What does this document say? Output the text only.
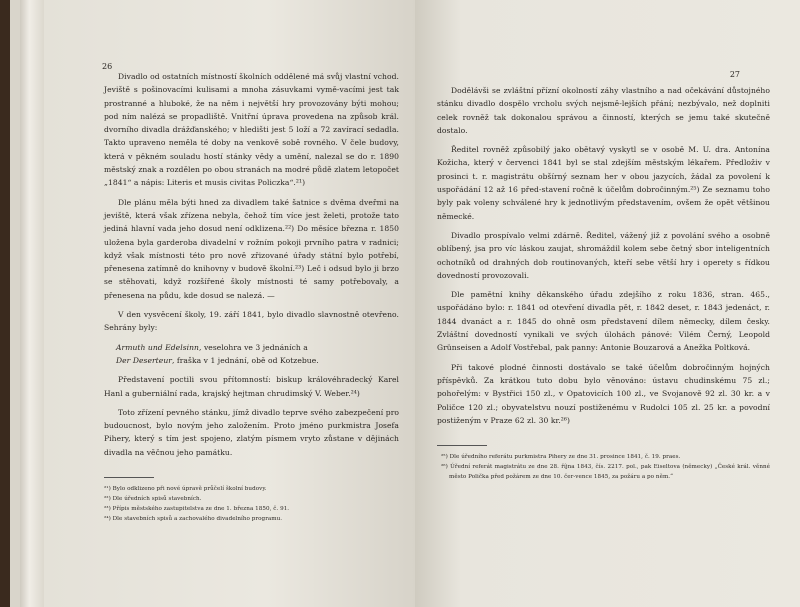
26

Divadlo od ostatních místností školních oddělené má svůj vlastní vchod. Jeviště s pošinovacími kulisami a mnoha zásuvkami vymě-vacími jest tak prostranné a hluboké, že na něm i největší hry provozovány býti mohou; pod ním nalézá se propadliště. Vnitřní úprava provedena na způsob král. dvorního divadla drážďanského; v hledišti jest 5 loží a 72 zavírací sedadla. Takto upraveno neměla té doby na venkově sobě rovného. V čele budovy, která v pěkném souladu hostí stánky vědy a umění, nalezal se do r. 1890 městský znak a rozdělen po obou stranách na modré půdě zlatem letopočet „1841“ a nápis: Literis et musis civitas Policzka“.²¹)

Dle plánu měla býti hned za divadlem také šatnice s dvěma dveřmi na jeviště, která však zřízena nebyla, čehož tím více jest želeti, protože tato jediná hlavní vada jeho dosud není odklizena.²²) Do měsíce března r. 1850 uložena byla garderoba divadelní v rožním pokoji prvního patra v radnici; když však místnosti této pro nově zřizované úřady státní bylo potřebí, přenesena zatímně do knihovny v budově školní.²³) Leč i odsud bylo ji brzo se stěhovati, když rozšířené školy místnosti té samy potřebovaly, a přenesena na půdu, kde dosud se nalezá. —

V den vysvěcení školy, 19. září 1841, bylo divadlo slavnostně otevřeno. Sehrány byly:

Armuth und Edelsinn, veselohra ve 3 jednáních a

Der Deserteur, fraška v 1 jednání, obě od Kotzebue.

Představení poctili svou přítomností: biskup královéhradecký Karel Hanl a guberniální rada, krajský hejtman chrudimský V. Weber.²⁴)

Toto zřízení pevného stánku, jímž divadlo teprve svého zabezpečení pro budoucnost, bylo novým jeho založením. Proto jméno purkmistra Josefa Pihery, který s tím jest spojeno, zlatým písmem vryto zůstane v dějinách divadla na věčnou jeho památku.

²¹) Bylo odklizeno při nové úpravě průčelí školní budovy.

²²) Dle úředních spisů stavebních.

²³) Přípis městského zastupitelstva ze dne 1. března 1850, č. 91.

²⁴) Dle stavebních spisů a zachovalého divadelního programu.

27

Dodělávši se zvláštní přízní okolností záhy vlastního a nad očekávání důstojného stánku divadlo dospělo vrcholu svých nejsmě-lejších přání; nezbývalo, než doplniti celek rovněž tak dokonalou správou a činností, kterých se jemu také skutečně dostalo.

Ředitel rovněž způsobilý jako obětavý vyskytl se v osobě M. U. dra. Antonína Kožicha, který v červenci 1841 byl se stal zdejším městským lékařem. Předloživ v prosinci t. r. magistrátu obšírný seznam her v obou jazycích, žádal za povolení k uspořádání 12 až 16 před-stavení ročně k účelům dobročinným.²⁵) Ze seznamu toho byly pak voleny schválené hry k jednotlivým představením, ovšem že opět většinou německé.

Divadlo prospívalo velmi zdárně. Ředitel, vážený již z povolání svého a osobně oblíbený, jsa pro víc láskou zaujat, shromáždil kolem sebe četný sbor inteligentních ochotníků od drahných dob routinovaných, kteří sebe větší hry i operety s řídkou dovedností provozovali.

Dle pamětní knihy děkanského úřadu zdejšího z roku 1836, stran. 465., uspořádáno bylo: r. 1841 od otevření divadla pět, r. 1842 deset, r. 1843 jedenáct, r. 1844 dvanáct a r. 1845 do ohně osm představení dílem německy, dílem česky. Zvláštní dovedností vynikali ve svých úlohách pánové: Vilém Černý, Leopold Grünseisen a Adolf Vostřebal, pak panny: Antonie Bouzarová a Anežka Poltková.

Při takové plodné činnosti dostávalo se také účelům dobročinným hojných příspěvků. Za krátkou tuto dobu bylo věnováno: ústavu chudinskému 75 zl.; pohořelým: v Bystřici 150 zl., v Opatovicích 100 zl., ve Svojanově 92 zl. 30 kr. a v Poličce 120 zl.; obyvatelstvu nouzí postiženému v Rudolci 105 zl. 25 kr. a povodní postiženým v Praze 62 zl. 30 kr.²⁶)

²⁵) Dle úředního referátu purkmistra Pihery ze dne 31. prosince 1841, č. 19. praes.

²⁶) Úřední referát magistrátu ze dne 28. října 1843, čís. 2217. pol., pak Eiseltova (německy) „České král. věnné město Polička před požárem ze dne 10. čer-vence 1845, za požáru a po něm.“
